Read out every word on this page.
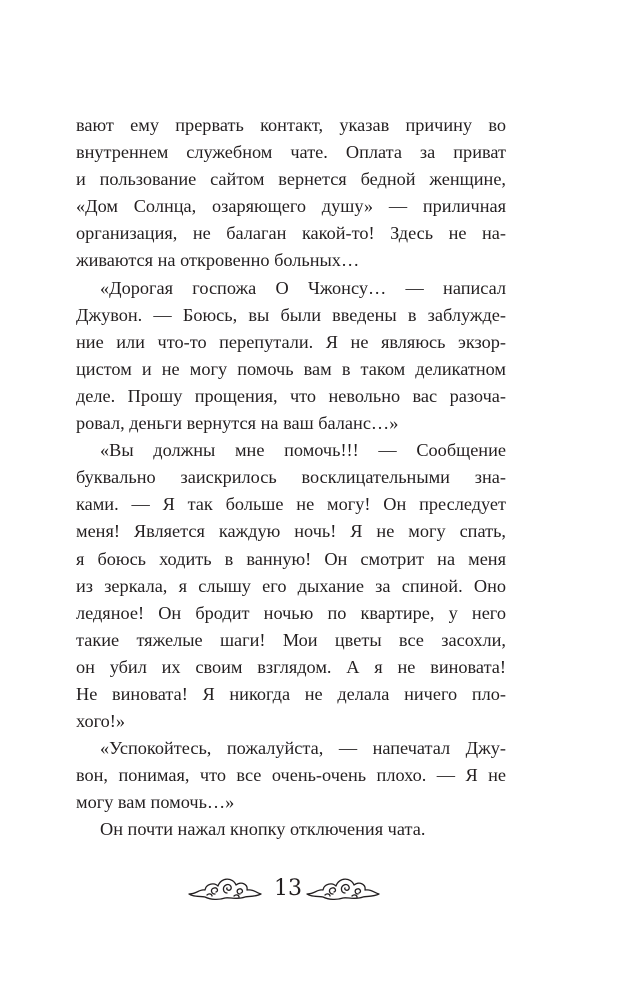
вают ему прервать контакт, указав причину во
внутреннем служебном чате. Оплата за приват
и пользование сайтом вернется бедной женщине,
«Дом Солнца, озаряющего душу» — приличная
организация, не балаган какой-то! Здесь не на-
живаются на откровенно больных…
«Дорогая госпожа О Чжонсу… — написал
Джувон. — Боюсь, вы были введены в заблужде-
ние или что-то перепутали. Я не являюсь экзор-
цистом и не могу помочь вам в таком деликатном
деле. Прошу прощения, что невольно вас разоча-
ровал, деньги вернутся на ваш баланс…»
«Вы должны мне помочь!!! — Сообщение
буквально заискрилось восклицательными зна-
ками. — Я так больше не могу! Он преследует
меня! Является каждую ночь! Я не могу спать,
я боюсь ходить в ванную! Он смотрит на меня
из зеркала, я слышу его дыхание за спиной. Оно
ледяное! Он бродит ночью по квартире, у него
такие тяжелые шаги! Мои цветы все засохли,
он убил их своим взглядом. А я не виновата!
Не виновата! Я никогда не делала ничего пло-
хого!»
«Успокойтесь, пожалуйста, — напечатал Джу-
вон, понимая, что все очень-очень плохо. — Я не
могу вам помочь…»
Он почти нажал кнопку отключения чата.
13
